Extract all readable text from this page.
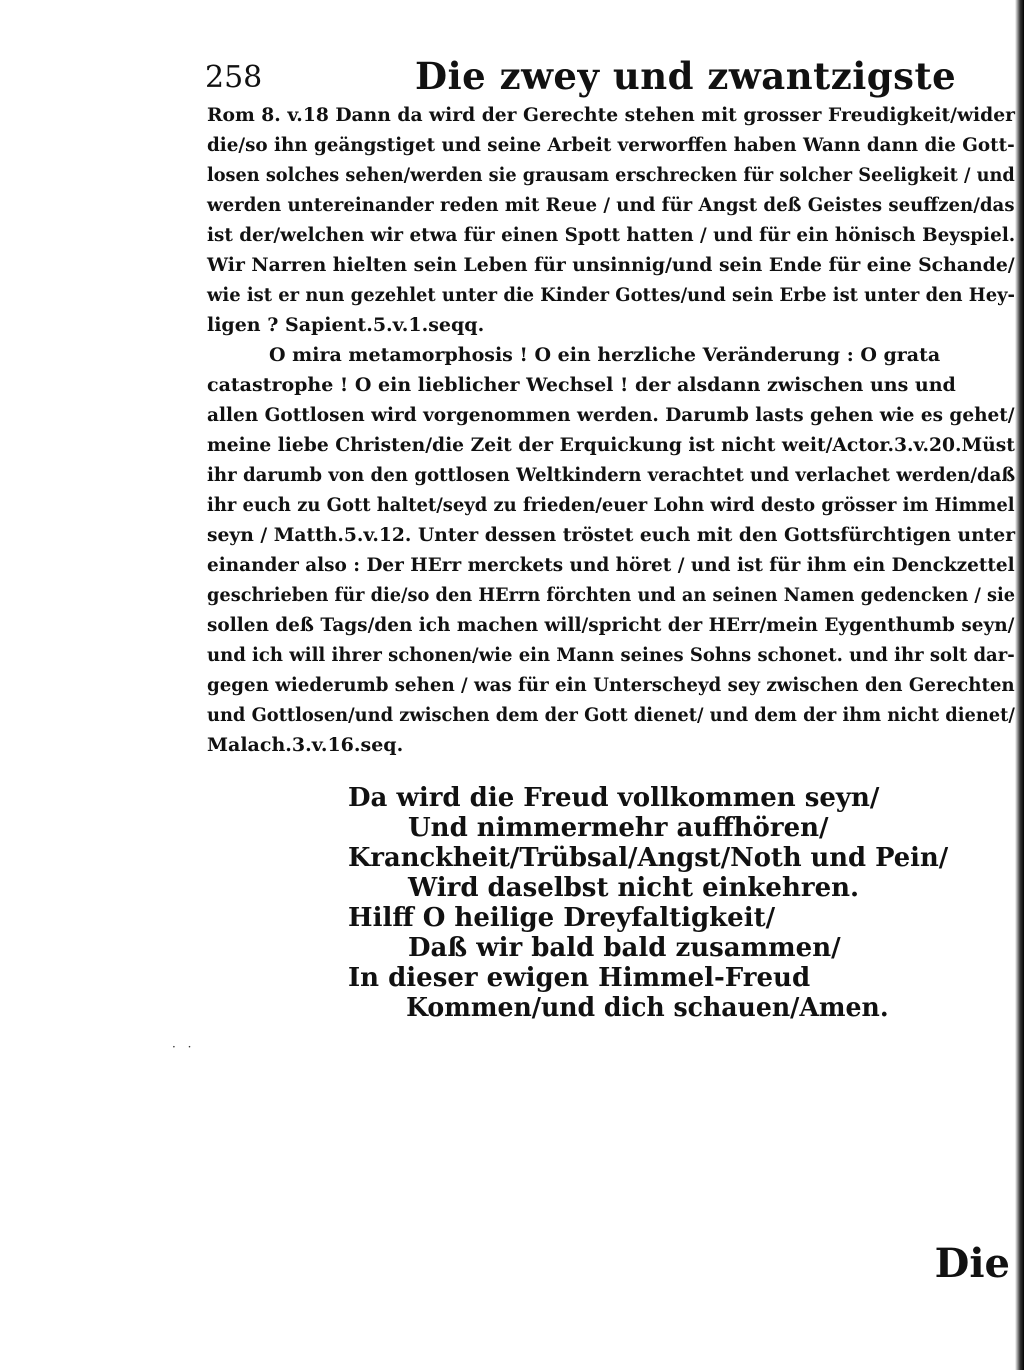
258	Die zwey und zwantzigste
Rom 8. v.18 Dann da wird der Gerechte stehen mit grosser Freudigkeit/wider
die/so ihn geängstiget und seine Arbeit verworffen haben Wann dann die Gott-
losen solches sehen/werden sie grausam erschrecken für solcher Seeligkeit / und
werden untereinander reden mit Reue / und für Angst deß Geistes seuffzen/das
ist der/welchen wir etwa für einen Spott hatten / und für ein hönisch Beyspiel.
Wir Narren hielten sein Leben für unsinnig/und sein Ende für eine Schande/
wie ist er nun gezehlet unter die Kinder Gottes/und sein Erbe ist unter den Hey-
ligen ? Sapient.5.v.1.seqq.
O mira metamorphosis ! O ein herzliche Veränderung : O grata
catastrophe ! O ein lieblicher Wechsel ! der alsdann zwischen uns und
allen Gottlosen wird vorgenommen werden. Darumb lasts gehen wie es gehet/
meine liebe Christen/die Zeit der Erquickung ist nicht weit/Actor.3.v.20.Müst
ihr darumb von den gottlosen Weltkindern verachtet und verlachet werden/daß
ihr euch zu Gott haltet/seyd zu frieden/euer Lohn wird desto grösser im Himmel
seyn / Matth.5.v.12. Unter dessen tröstet euch mit den Gottsfürchtigen unter
einander also : Der HErr merckets und höret / und ist für ihm ein Denckzettel
geschrieben für die/so den HErrn förchten und an seinen Namen gedencken / sie
sollen deß Tags/den ich machen will/spricht der HErr/mein Eygenthumb seyn/
und ich will ihrer schonen/wie ein Mann seines Sohns schonet. und ihr solt dar-
gegen wiederumb sehen / was für ein Unterscheyd sey zwischen den Gerechten
und Gottlosen/und zwischen dem der Gott dienet/ und dem der ihm nicht dienet/
Malach.3.v.16.seq.
Da wird die Freud vollkommen seyn/
Und nimmermehr auffhören/
Kranckheit/Trübsal/Angst/Noth und Pein/
Wird daselbst nicht einkehren.
Hilff O heilige Dreyfaltigkeit/
Daß wir bald bald zusammen/
In dieser ewigen Himmel-Freud
Kommen/und dich schauen/Amen.
· ·
Die
